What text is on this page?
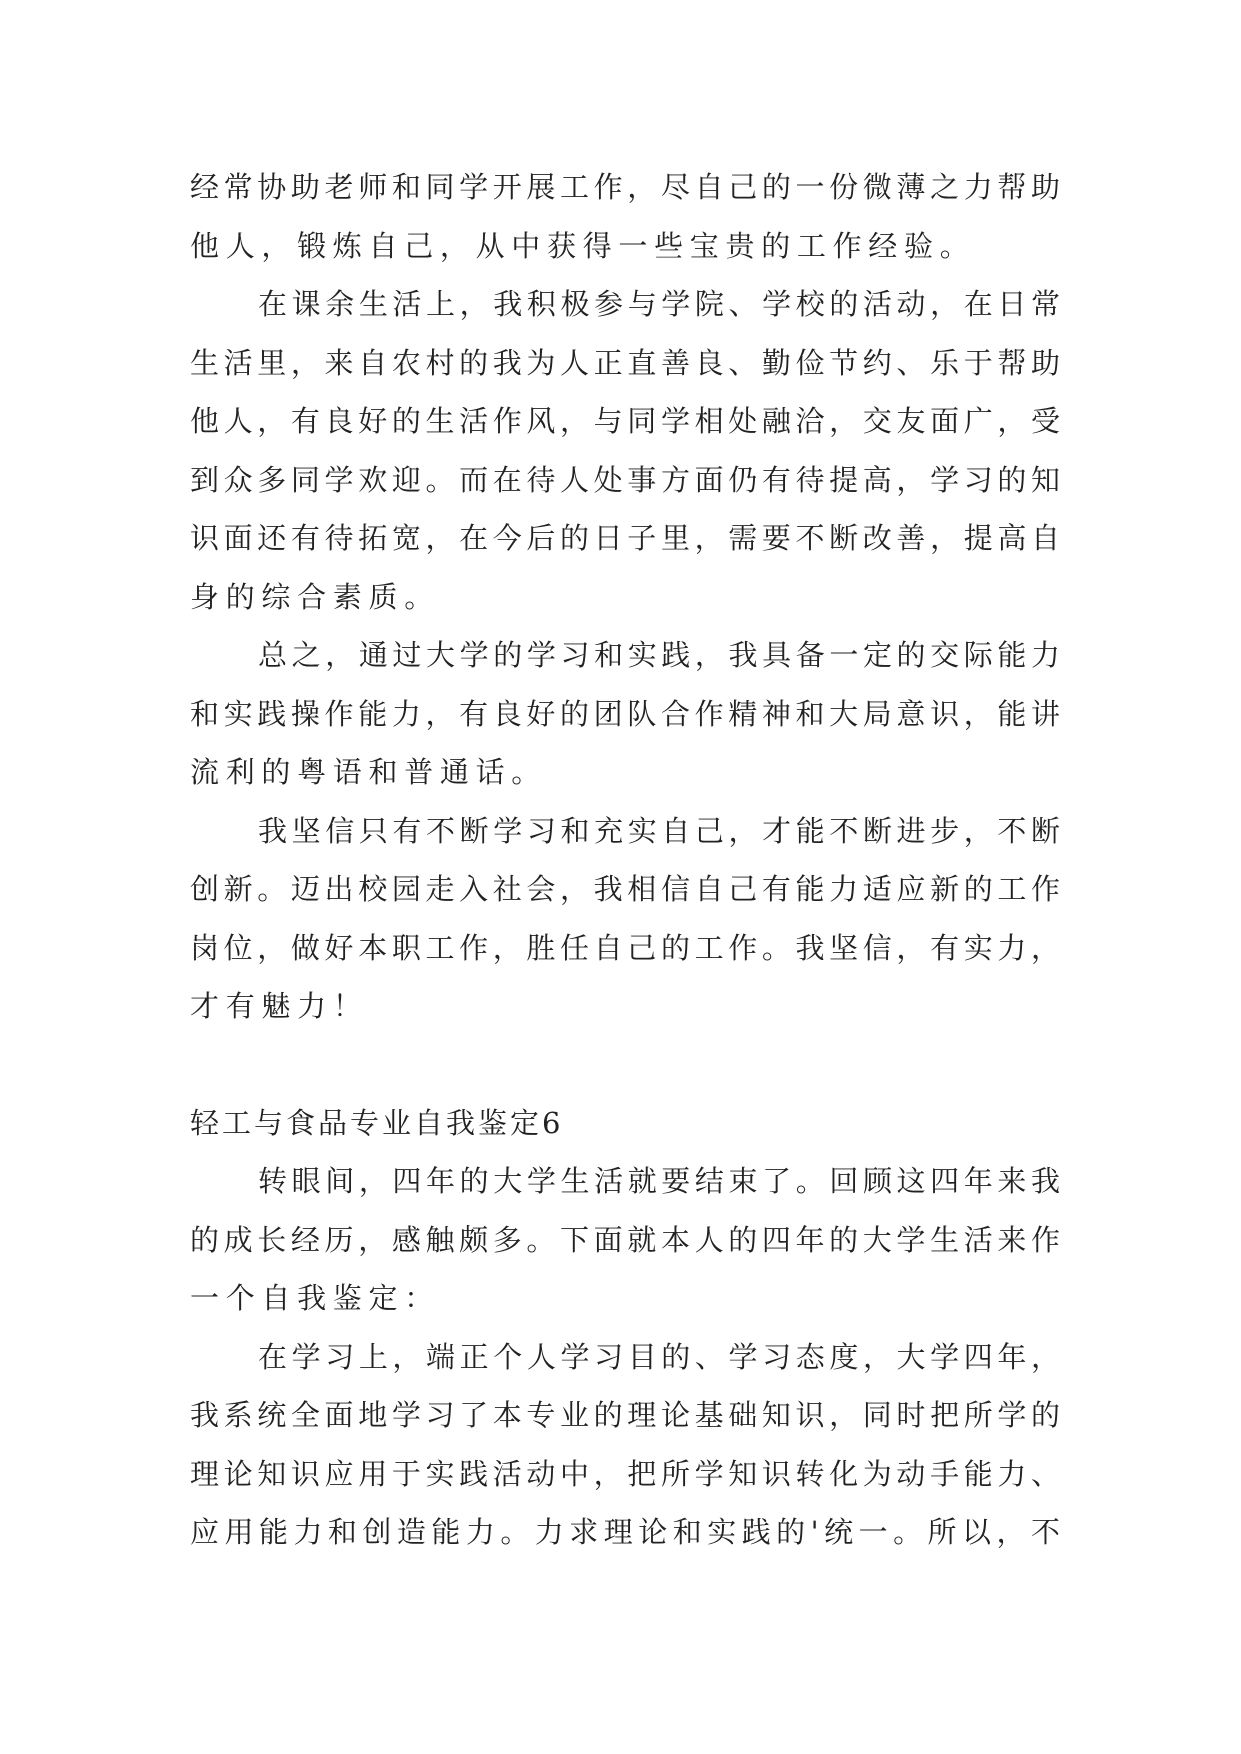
经常协助老师和同学开展工作，尽自己的一份微薄之力帮助
他人，锻炼自己，从中获得一些宝贵的工作经验。
在课余生活上，我积极参与学院、学校的活动，在日常
生活里，来自农村的我为人正直善良、勤俭节约、乐于帮助
他人，有良好的生活作风，与同学相处融洽，交友面广，受
到众多同学欢迎。而在待人处事方面仍有待提高，学习的知
识面还有待拓宽，在今后的日子里，需要不断改善，提高自
身的综合素质。
总之，通过大学的学习和实践，我具备一定的交际能力
和实践操作能力，有良好的团队合作精神和大局意识，能讲
流利的粤语和普通话。
我坚信只有不断学习和充实自己，才能不断进步，不断
创新。迈出校园走入社会，我相信自己有能力适应新的工作
岗位，做好本职工作，胜任自己的工作。我坚信，有实力，
才有魅力！
轻工与食品专业自我鉴定6
转眼间，四年的大学生活就要结束了。回顾这四年来我
的成长经历，感触颇多。下面就本人的四年的大学生活来作
一个自我鉴定：
在学习上，端正个人学习目的、学习态度，大学四年，
我系统全面地学习了本专业的理论基础知识，同时把所学的
理论知识应用于实践活动中，把所学知识转化为动手能力、
应用能力和创造能力。力求理论和实践的'统一。所以，不
